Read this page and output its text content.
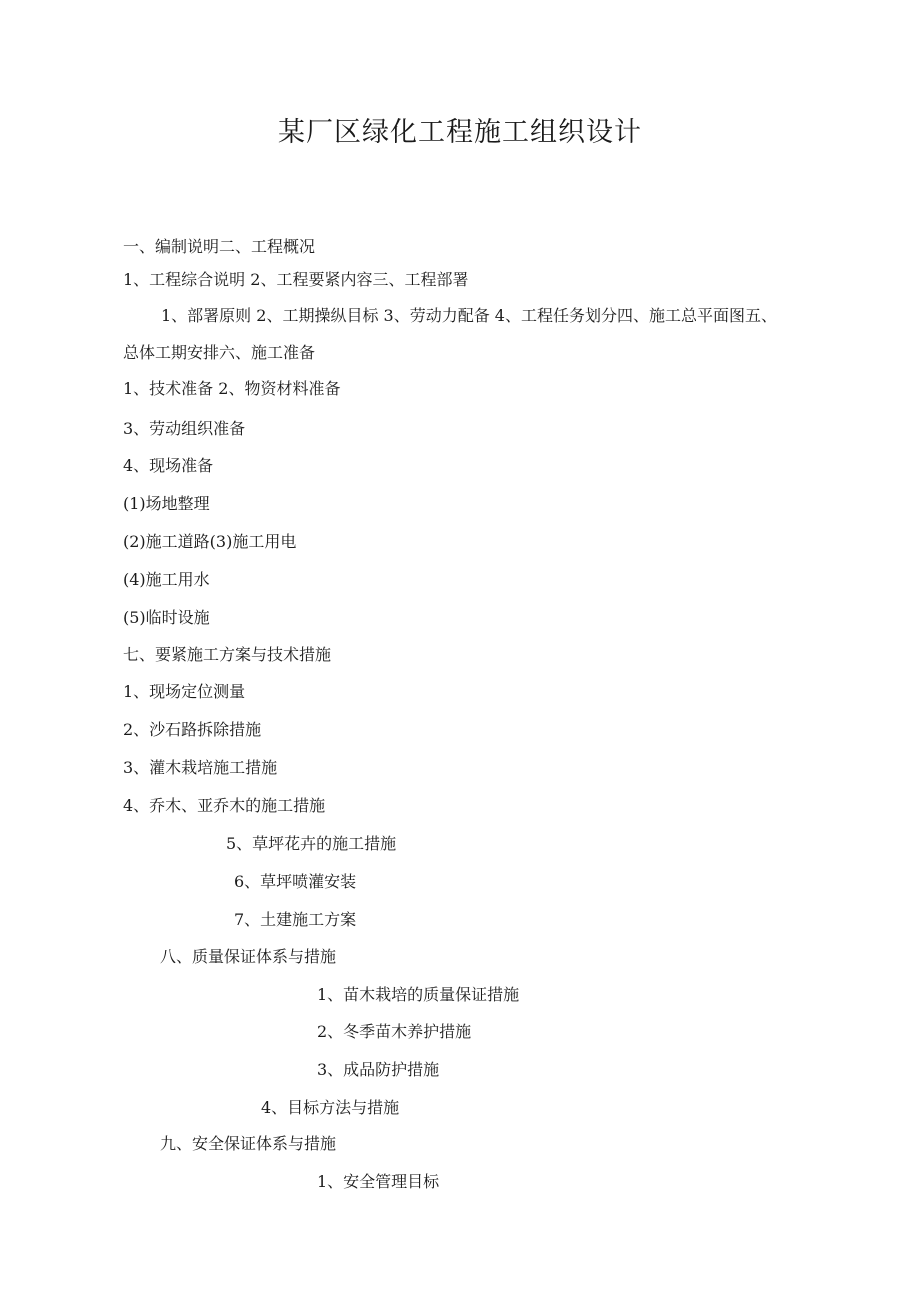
某厂区绿化工程施工组织设计
一、编制说明二、工程概况
1、工程综合说明 2、工程要紧内容三、工程部署
1、部署原则 2、工期操纵目标 3、劳动力配备 4、工程任务划分四、施工总平面图五、
总体工期安排六、施工准备
1、技术准备 2、物资材料准备
3、劳动组织准备
4、现场准备
(1)场地整理
(2)施工道路(3)施工用电
(4)施工用水
(5)临时设施
七、要紧施工方案与技术措施
1、现场定位测量
2、沙石路拆除措施
3、灌木栽培施工措施
4、乔木、亚乔木的施工措施
5、草坪花卉的施工措施
6、草坪喷灌安装
7、土建施工方案
八、质量保证体系与措施
1、苗木栽培的质量保证措施
2、冬季苗木养护措施
3、成品防护措施
4、目标方法与措施
九、安全保证体系与措施
1、安全管理目标
